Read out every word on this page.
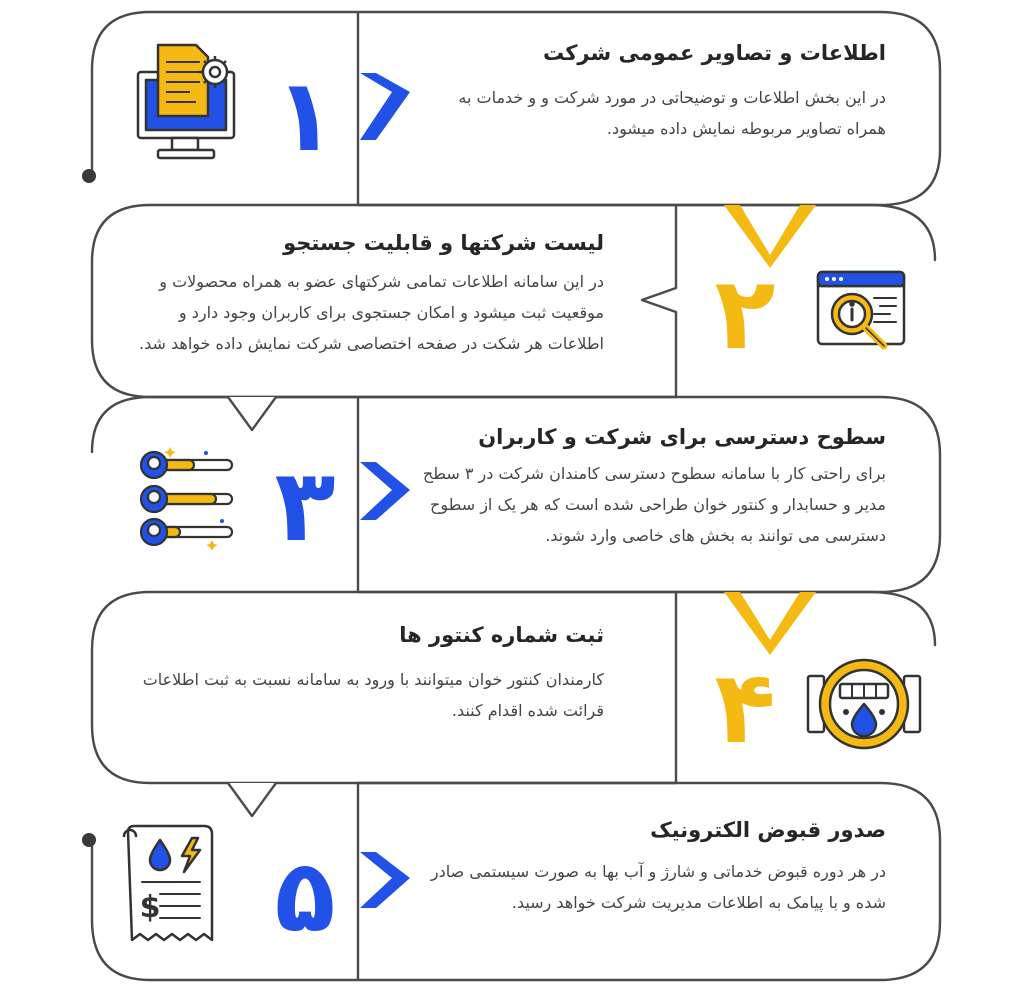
۱
۲
۳
۴
۵
$
اطلاعات و تصاویر عمومی شرکت

در این بخش اطلاعات و توضیحاتی در مورد شرکت و و خدمات به همراه تصاویر مربوطه نمایش داده میشود.

لیست شرکتها و قابلیت جستجو

در این سامانه اطلاعات تمامی شرکتهای عضو به همراه محصولات و موقعیت ثبت میشود و امکان جستجوی برای کاربران وجود دارد و اطلاعات هر شکت در صفحه اختصاصی شرکت نمایش داده خواهد شد.

سطوح دسترسی برای شرکت و کاربران

برای راحتی کار با سامانه سطوح دسترسی کامندان شرکت در ۳ سطح مدیر و حسابدار و کنتور خوان طراحی شده است که هر یک از سطوح دسترسی می توانند به بخش های خاصی وارد شوند.

ثبت شماره کنتور ها

کارمندان کنتور خوان میتوانند با ورود به سامانه نسبت به ثبت اطلاعات قرائت شده اقدام کنند.

صدور قبوض الکترونیک

در هر دوره قبوض خدماتی و شارژ و آب بها به صورت سیستمی صادر شده و با پیامک به اطلاعات مدیریت شرکت خواهد رسید.
